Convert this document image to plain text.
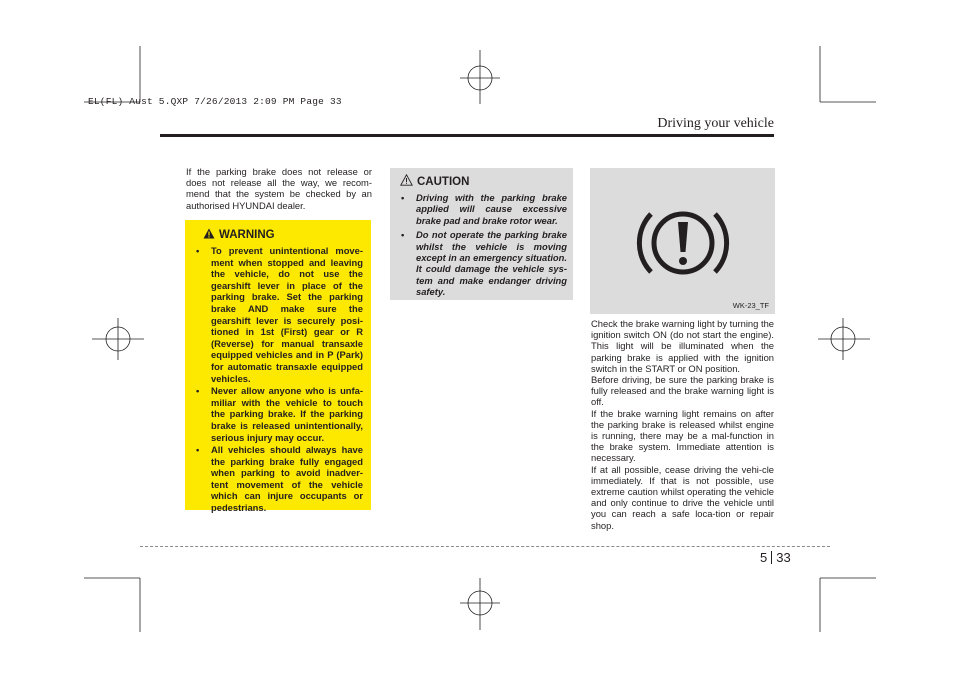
EL(FL) Aust 5.QXP 7/26/2013 2:09 PM Page 33
Driving your vehicle

If the parking brake does not release or does not release all the way, we recom-mend that the system be checked by an authorised HYUNDAI dealer.

WARNING
• To prevent unintentional move-ment when stopped and leaving the vehicle, do not use the gearshift lever in place of the parking brake. Set the parking brake AND make sure the gearshift lever is securely posi-tioned in 1st (First) gear or R (Reverse) for manual transaxle equipped vehicles and in P (Park) for automatic transaxle equipped vehicles.
• Never allow anyone who is unfa-miliar with the vehicle to touch the parking brake. If the parking brake is released unintentionally, serious injury may occur.
• All vehicles should always have the parking brake fully engaged when parking to avoid inadver-tent movement of the vehicle which can injure occupants or pedestrians.
CAUTION
• Driving with the parking brake applied will cause excessive brake pad and brake rotor wear.
• Do not operate the parking brake whilst the vehicle is moving except in an emergency situation. It could damage the vehicle sys-tem and make endanger driving safety.
WK-23_TF

Check the brake warning light by turning the ignition switch ON (do not start the engine). This light will be illuminated when the parking brake is applied with the ignition switch in the START or ON position.

Before driving, be sure the parking brake is fully released and the brake warning light is off.

If the brake warning light remains on after the parking brake is released whilst engine is running, there may be a mal-function in the brake system. Immediate attention is necessary.

If at all possible, cease driving the vehi-cle immediately. If that is not possible, use extreme caution whilst operating the vehicle and only continue to drive the vehicle until you can reach a safe loca-tion or repair shop.

5 33
